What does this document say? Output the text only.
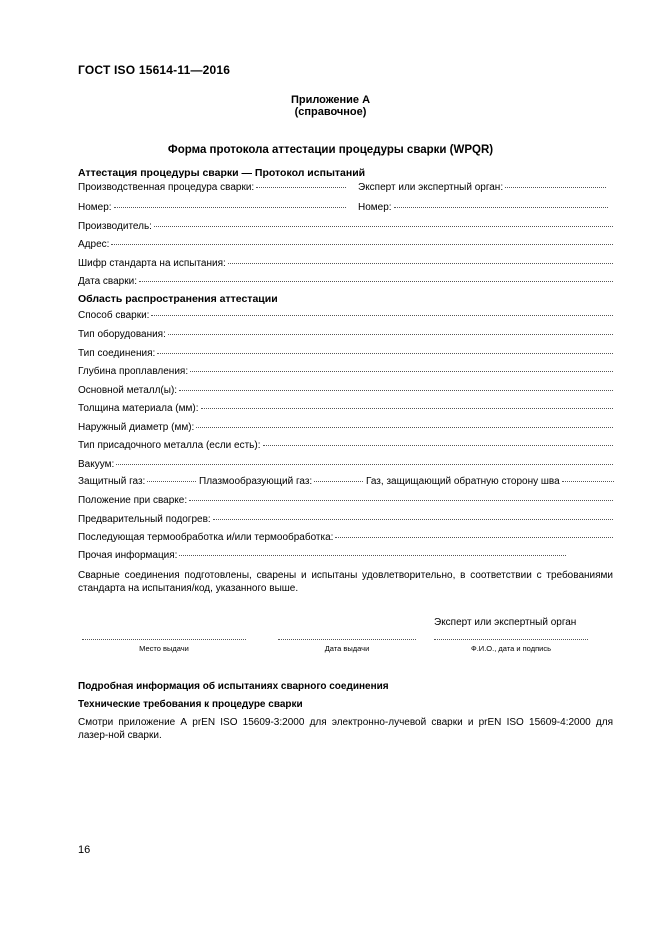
ГОСТ ISO 15614-11—2016
Приложение А
(справочное)
Форма протокола аттестации процедуры сварки (WPQR)
Аттестация процедуры сварки — Протокол испытаний
Производственная процедура сварки:	Эксперт или экспертный орган:
Номер:	Номер:
Производитель:
Адрес:
Шифр стандарта на испытания:
Дата сварки:
Область распространения аттестации
Способ сварки:
Тип оборудования:
Тип соединения:
Глубина проплавления:
Основной металл(ы):
Толщина материала (мм):
Наружный диаметр (мм):
Тип присадочного металла (если есть):
Вакуум:
Защитный газ:	Плазмообразующий газ:	Газ, защищающий обратную сторону шва
Положение при сварке:
Предварительный подогрев:
Последующая термообработка и/или термообработка:
Прочая информация:
Сварные соединения подготовлены, сварены и испытаны удовлетворительно, в соответствии с требованиями стандарта на испытания/код, указанного выше.
Эксперт или экспертный орган
Место выдачи	Дата выдачи	Ф.И.О., дата и подпись
Подробная информация об испытаниях сварного соединения
Технические требования к процедуре сварки
Смотри приложение А prEN ISO 15609-3:2000 для электронно-лучевой сварки и prEN ISO 15609-4:2000 для лазер-ной сварки.
16
